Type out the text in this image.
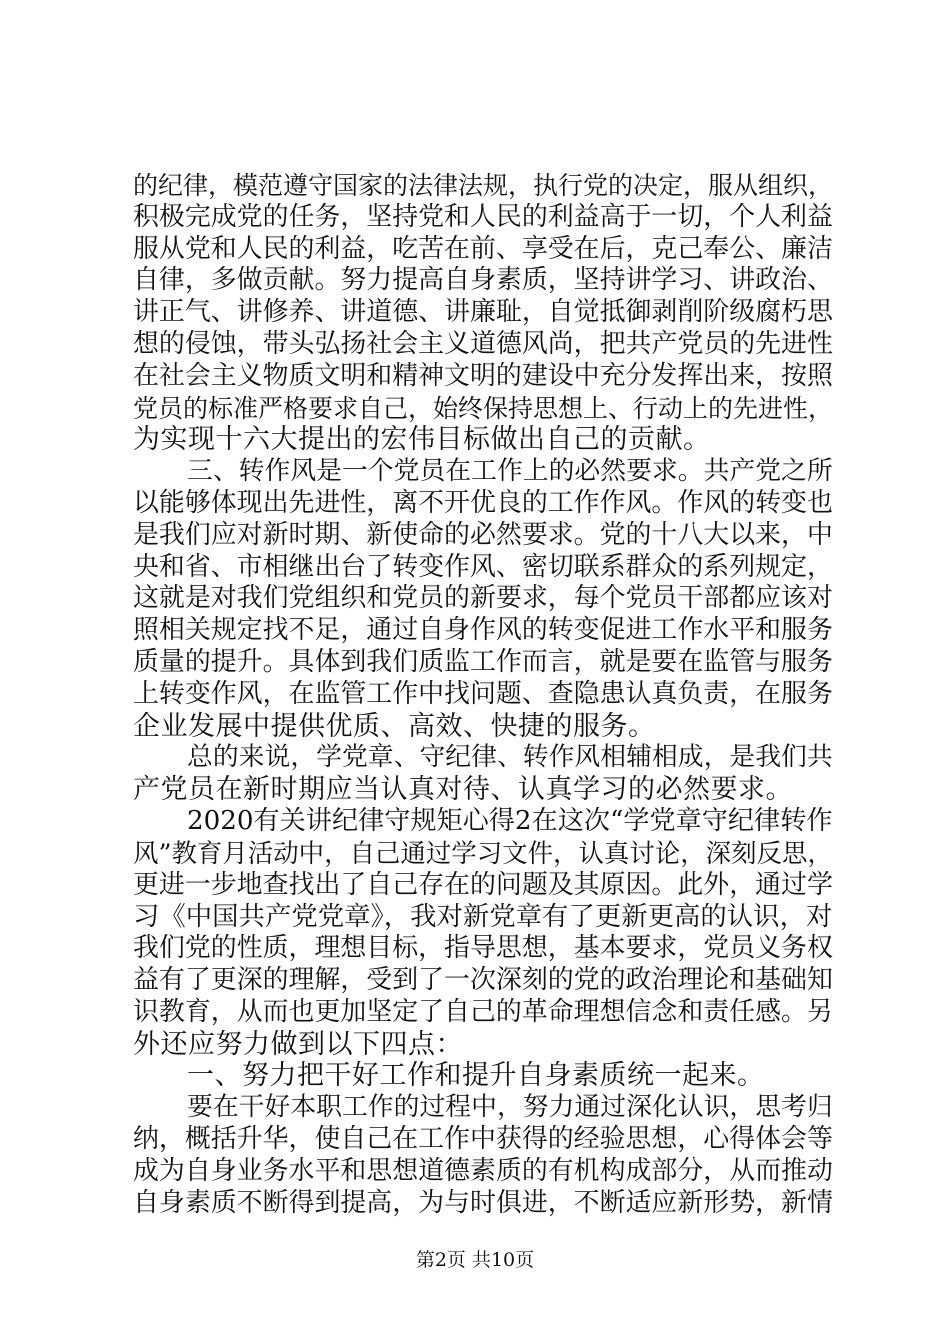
的纪律，模范遵守国家的法律法规，执行党的决定，服从组织，
积极完成党的任务，坚持党和人民的利益高于一切，个人利益
服从党和人民的利益，吃苦在前、享受在后，克己奉公、廉洁
自律，多做贡献。努力提高自身素质，坚持讲学习、讲政治、
讲正气、讲修养、讲道德、讲廉耻，自觉抵御剥削阶级腐朽思
想的侵蚀，带头弘扬社会主义道德风尚，把共产党员的先进性
在社会主义物质文明和精神文明的建设中充分发挥出来，按照
党员的标准严格要求自己，始终保持思想上、行动上的先进性，
为实现十六大提出的宏伟目标做出自己的贡献。
三、转作风是一个党员在工作上的必然要求。共产党之所
以能够体现出先进性，离不开优良的工作作风。作风的转变也
是我们应对新时期、新使命的必然要求。党的十八大以来，中
央和省、市相继出台了转变作风、密切联系群众的系列规定，
这就是对我们党组织和党员的新要求，每个党员干部都应该对
照相关规定找不足，通过自身作风的转变促进工作水平和服务
质量的提升。具体到我们质监工作而言，就是要在监管与服务
上转变作风，在监管工作中找问题、查隐患认真负责，在服务
企业发展中提供优质、高效、快捷的服务。
总的来说，学党章、守纪律、转作风相辅相成，是我们共
产党员在新时期应当认真对待、认真学习的必然要求。
2020有关讲纪律守规矩心得2在这次“学党章守纪律转作
风”教育月活动中，自己通过学习文件，认真讨论，深刻反思，
更进一步地查找出了自己存在的问题及其原因。此外，通过学
习《中国共产党党章》，我对新党章有了更新更高的认识，对
我们党的性质，理想目标，指导思想，基本要求，党员义务权
益有了更深的理解，受到了一次深刻的党的政治理论和基础知
识教育，从而也更加坚定了自己的革命理想信念和责任感。另
外还应努力做到以下四点：
一、努力把干好工作和提升自身素质统一起来。
要在干好本职工作的过程中，努力通过深化认识，思考归
纳，概括升华，使自己在工作中获得的经验思想，心得体会等
成为自身业务水平和思想道德素质的有机构成部分，从而推动
自身素质不断得到提高，为与时俱进，不断适应新形势，新情
第2页 共10页
